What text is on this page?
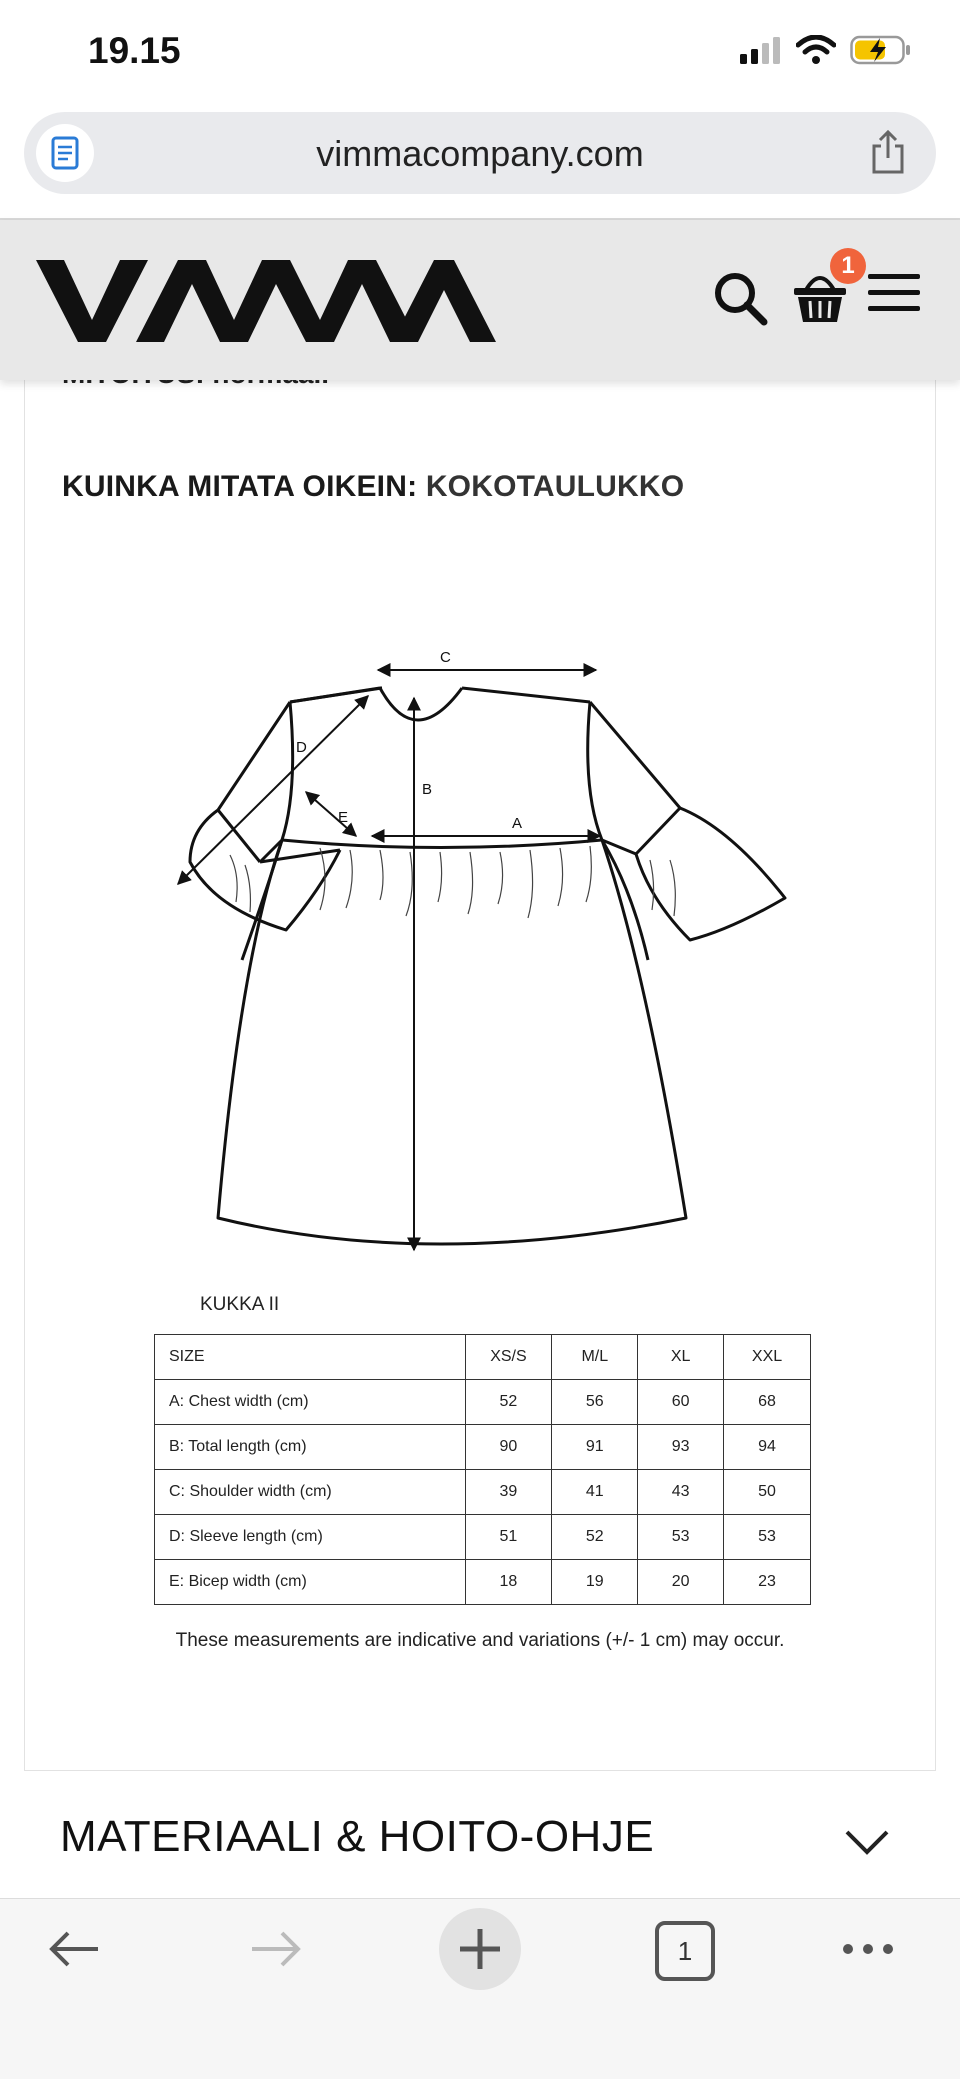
19.15
vimmacompany.com
1
KUINKA MITATA OIKEIN: KOKOTAULUKKO
C
B
A
D
E
KUKKA II
SIZE	XS/S	M/L	XL	XXL
A: Chest width (cm)	52	56	60	68
B: Total length (cm)	90	91	93	94
C: Shoulder width (cm)	39	41	43	50
D: Sleeve length (cm)	51	52	53	53
E: Bicep width (cm)	18	19	20	23
These measurements are indicative and variations (+/- 1 cm) may occur.
MATERIAALI & HOITO-OHJE
1
